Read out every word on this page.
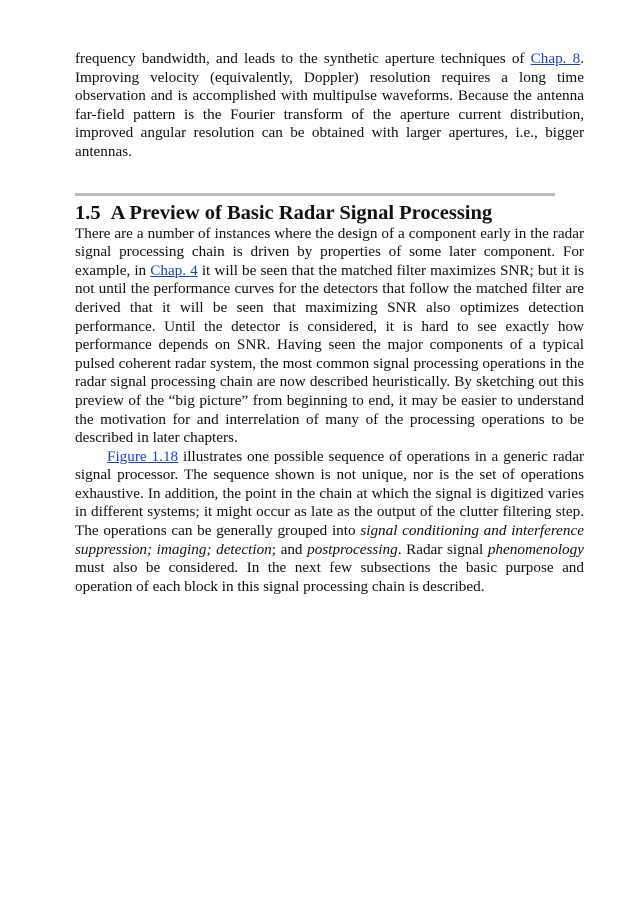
frequency bandwidth, and leads to the synthetic aperture techniques of Chap. 8. Improving velocity (equivalently, Doppler) resolution requires a long time observation and is accomplished with multipulse waveforms. Because the antenna far-field pattern is the Fourier transform of the aperture current distribution, improved angular resolution can be obtained with larger apertures, i.e., bigger antennas.

1.5 A Preview of Basic Radar Signal Processing

There are a number of instances where the design of a component early in the radar signal processing chain is driven by properties of some later component. For example, in Chap. 4 it will be seen that the matched filter maximizes SNR; but it is not until the performance curves for the detectors that follow the matched filter are derived that it will be seen that maximizing SNR also optimizes detection performance. Until the detector is considered, it is hard to see exactly how performance depends on SNR. Having seen the major components of a typical pulsed coherent radar system, the most common signal processing operations in the radar signal processing chain are now described heuristically. By sketching out this preview of the “big picture” from beginning to end, it may be easier to understand the motivation for and interrelation of many of the processing operations to be described in later chapters.

Figure 1.18 illustrates one possible sequence of operations in a generic radar signal processor. The sequence shown is not unique, nor is the set of operations exhaustive. In addition, the point in the chain at which the signal is digitized varies in different systems; it might occur as late as the output of the clutter filtering step. The operations can be generally grouped into signal conditioning and interference suppression; imaging; detection; and postprocessing. Radar signal phenomenology must also be considered. In the next few subsections the basic purpose and operation of each block in this signal processing chain is described.
